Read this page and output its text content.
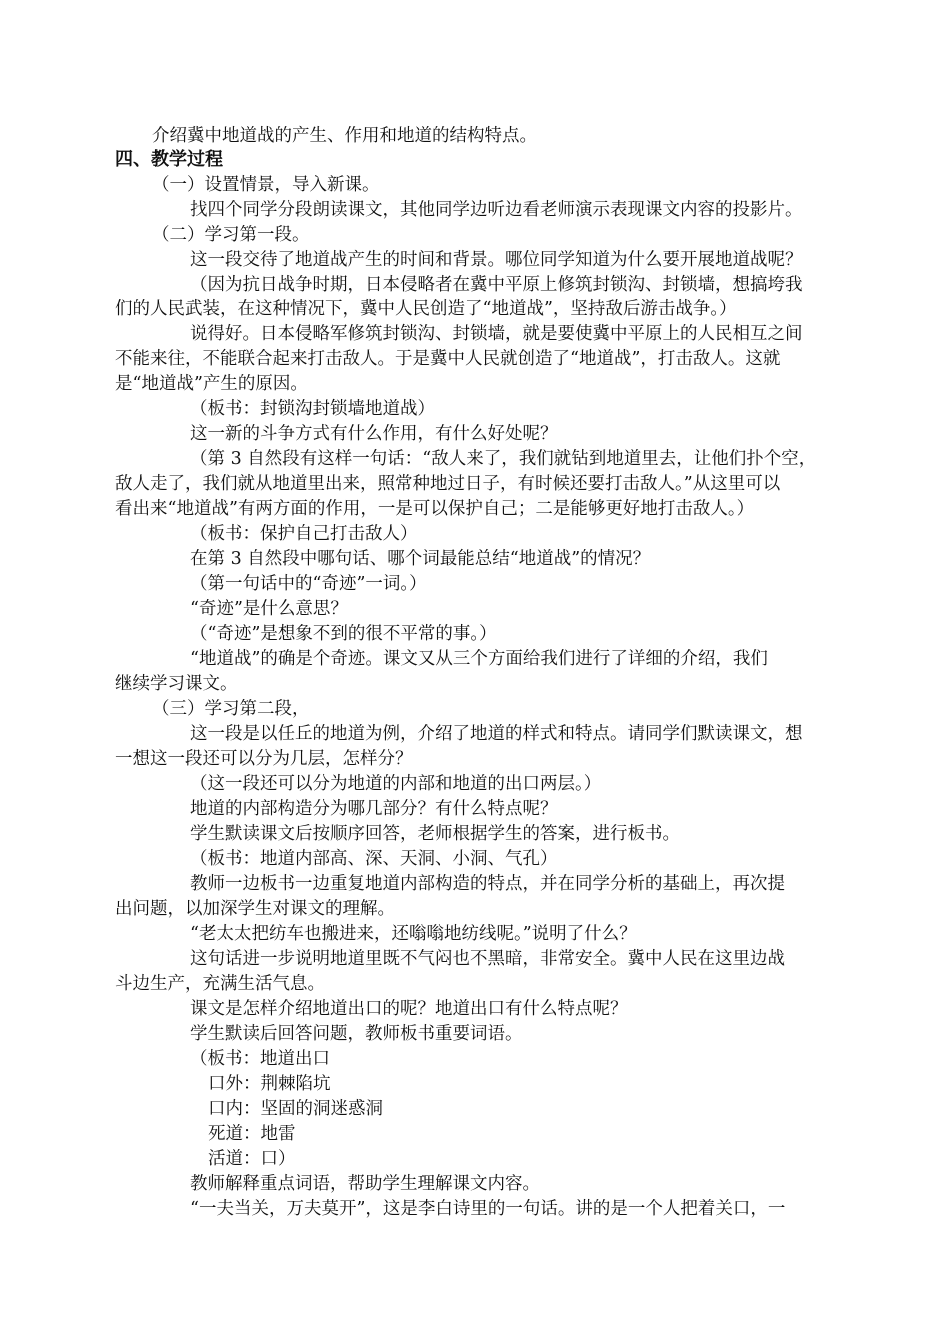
介绍冀中地道战的产生、作用和地道的结构特点。
四、教学过程
（一）设置情景，导入新课。
找四个同学分段朗读课文，其他同学边听边看老师演示表现课文内容的投影片。
（二）学习第一段。
这一段交待了地道战产生的时间和背景。哪位同学知道为什么要开展地道战呢？
（因为抗日战争时期，日本侵略者在冀中平原上修筑封锁沟、封锁墙，想搞垮我
们的人民武装，在这种情况下，冀中人民创造了“地道战”，坚持敌后游击战争。）
说得好。日本侵略军修筑封锁沟、封锁墙，就是要使冀中平原上的人民相互之间
不能来往，不能联合起来打击敌人。于是冀中人民就创造了“地道战”，打击敌人。这就
是“地道战”产生的原因。
（板书：封锁沟封锁墙地道战）
这一新的斗争方式有什么作用，有什么好处呢？
（第 3 自然段有这样一句话：“敌人来了，我们就钻到地道里去，让他们扑个空，
敌人走了，我们就从地道里出来，照常种地过日子，有时候还要打击敌人。”从这里可以
看出来“地道战”有两方面的作用，一是可以保护自己；二是能够更好地打击敌人。）
（板书：保护自己打击敌人）
在第 3 自然段中哪句话、哪个词最能总结“地道战”的情况？
（第一句话中的“奇迹”一词。）
“奇迹”是什么意思？
（“奇迹”是想象不到的很不平常的事。）
“地道战”的确是个奇迹。课文又从三个方面给我们进行了详细的介绍，我们
继续学习课文。
（三）学习第二段，
这一段是以任丘的地道为例，介绍了地道的样式和特点。请同学们默读课文，想
一想这一段还可以分为几层，怎样分？
（这一段还可以分为地道的内部和地道的出口两层。）
地道的内部构造分为哪几部分？有什么特点呢？
学生默读课文后按顺序回答，老师根据学生的答案，进行板书。
（板书：地道内部高、深、天洞、小洞、气孔）
教师一边板书一边重复地道内部构造的特点，并在同学分析的基础上，再次提
出问题，以加深学生对课文的理解。
“老太太把纺车也搬进来，还嗡嗡地纺线呢。”说明了什么？
这句话进一步说明地道里既不气闷也不黑暗，非常安全。冀中人民在这里边战
斗边生产，充满生活气息。
课文是怎样介绍地道出口的呢？地道出口有什么特点呢？
学生默读后回答问题，教师板书重要词语。
（板书：地道出口
口外：荆棘陷坑
口内：坚固的洞迷惑洞
死道：地雷
活道：口）
教师解释重点词语，帮助学生理解课文内容。
“一夫当关，万夫莫开”，这是李白诗里的一句话。讲的是一个人把着关口，一
